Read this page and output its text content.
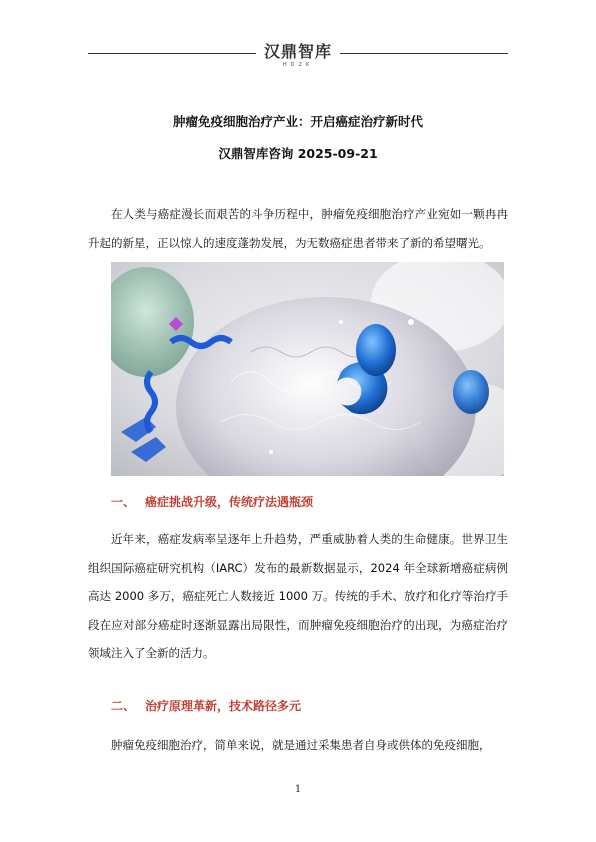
汉鼎智库
HDZK
肿瘤免疫细胞治疗产业：开启癌症治疗新时代
汉鼎智库咨询 2025-09-21
在人类与癌症漫长而艰苦的斗争历程中，肿瘤免疫细胞治疗产业宛如一颗冉冉升起的新星，正以惊人的速度蓬勃发展，为无数癌症患者带来了新的希望曙光。
一、 癌症挑战升级，传统疗法遇瓶颈
近年来，癌症发病率呈逐年上升趋势，严重威胁着人类的生命健康。世界卫生组织国际癌症研究机构（IARC）发布的最新数据显示，2024 年全球新增癌症病例高达 2000 多万，癌症死亡人数接近 1000 万。传统的手术、放疗和化疗等治疗手段在应对部分癌症时逐渐显露出局限性，而肿瘤免疫细胞治疗的出现，为癌症治疗领域注入了全新的活力。
二、 治疗原理革新，技术路径多元
肿瘤免疫细胞治疗，简单来说，就是通过采集患者自身或供体的免疫细胞，
1
